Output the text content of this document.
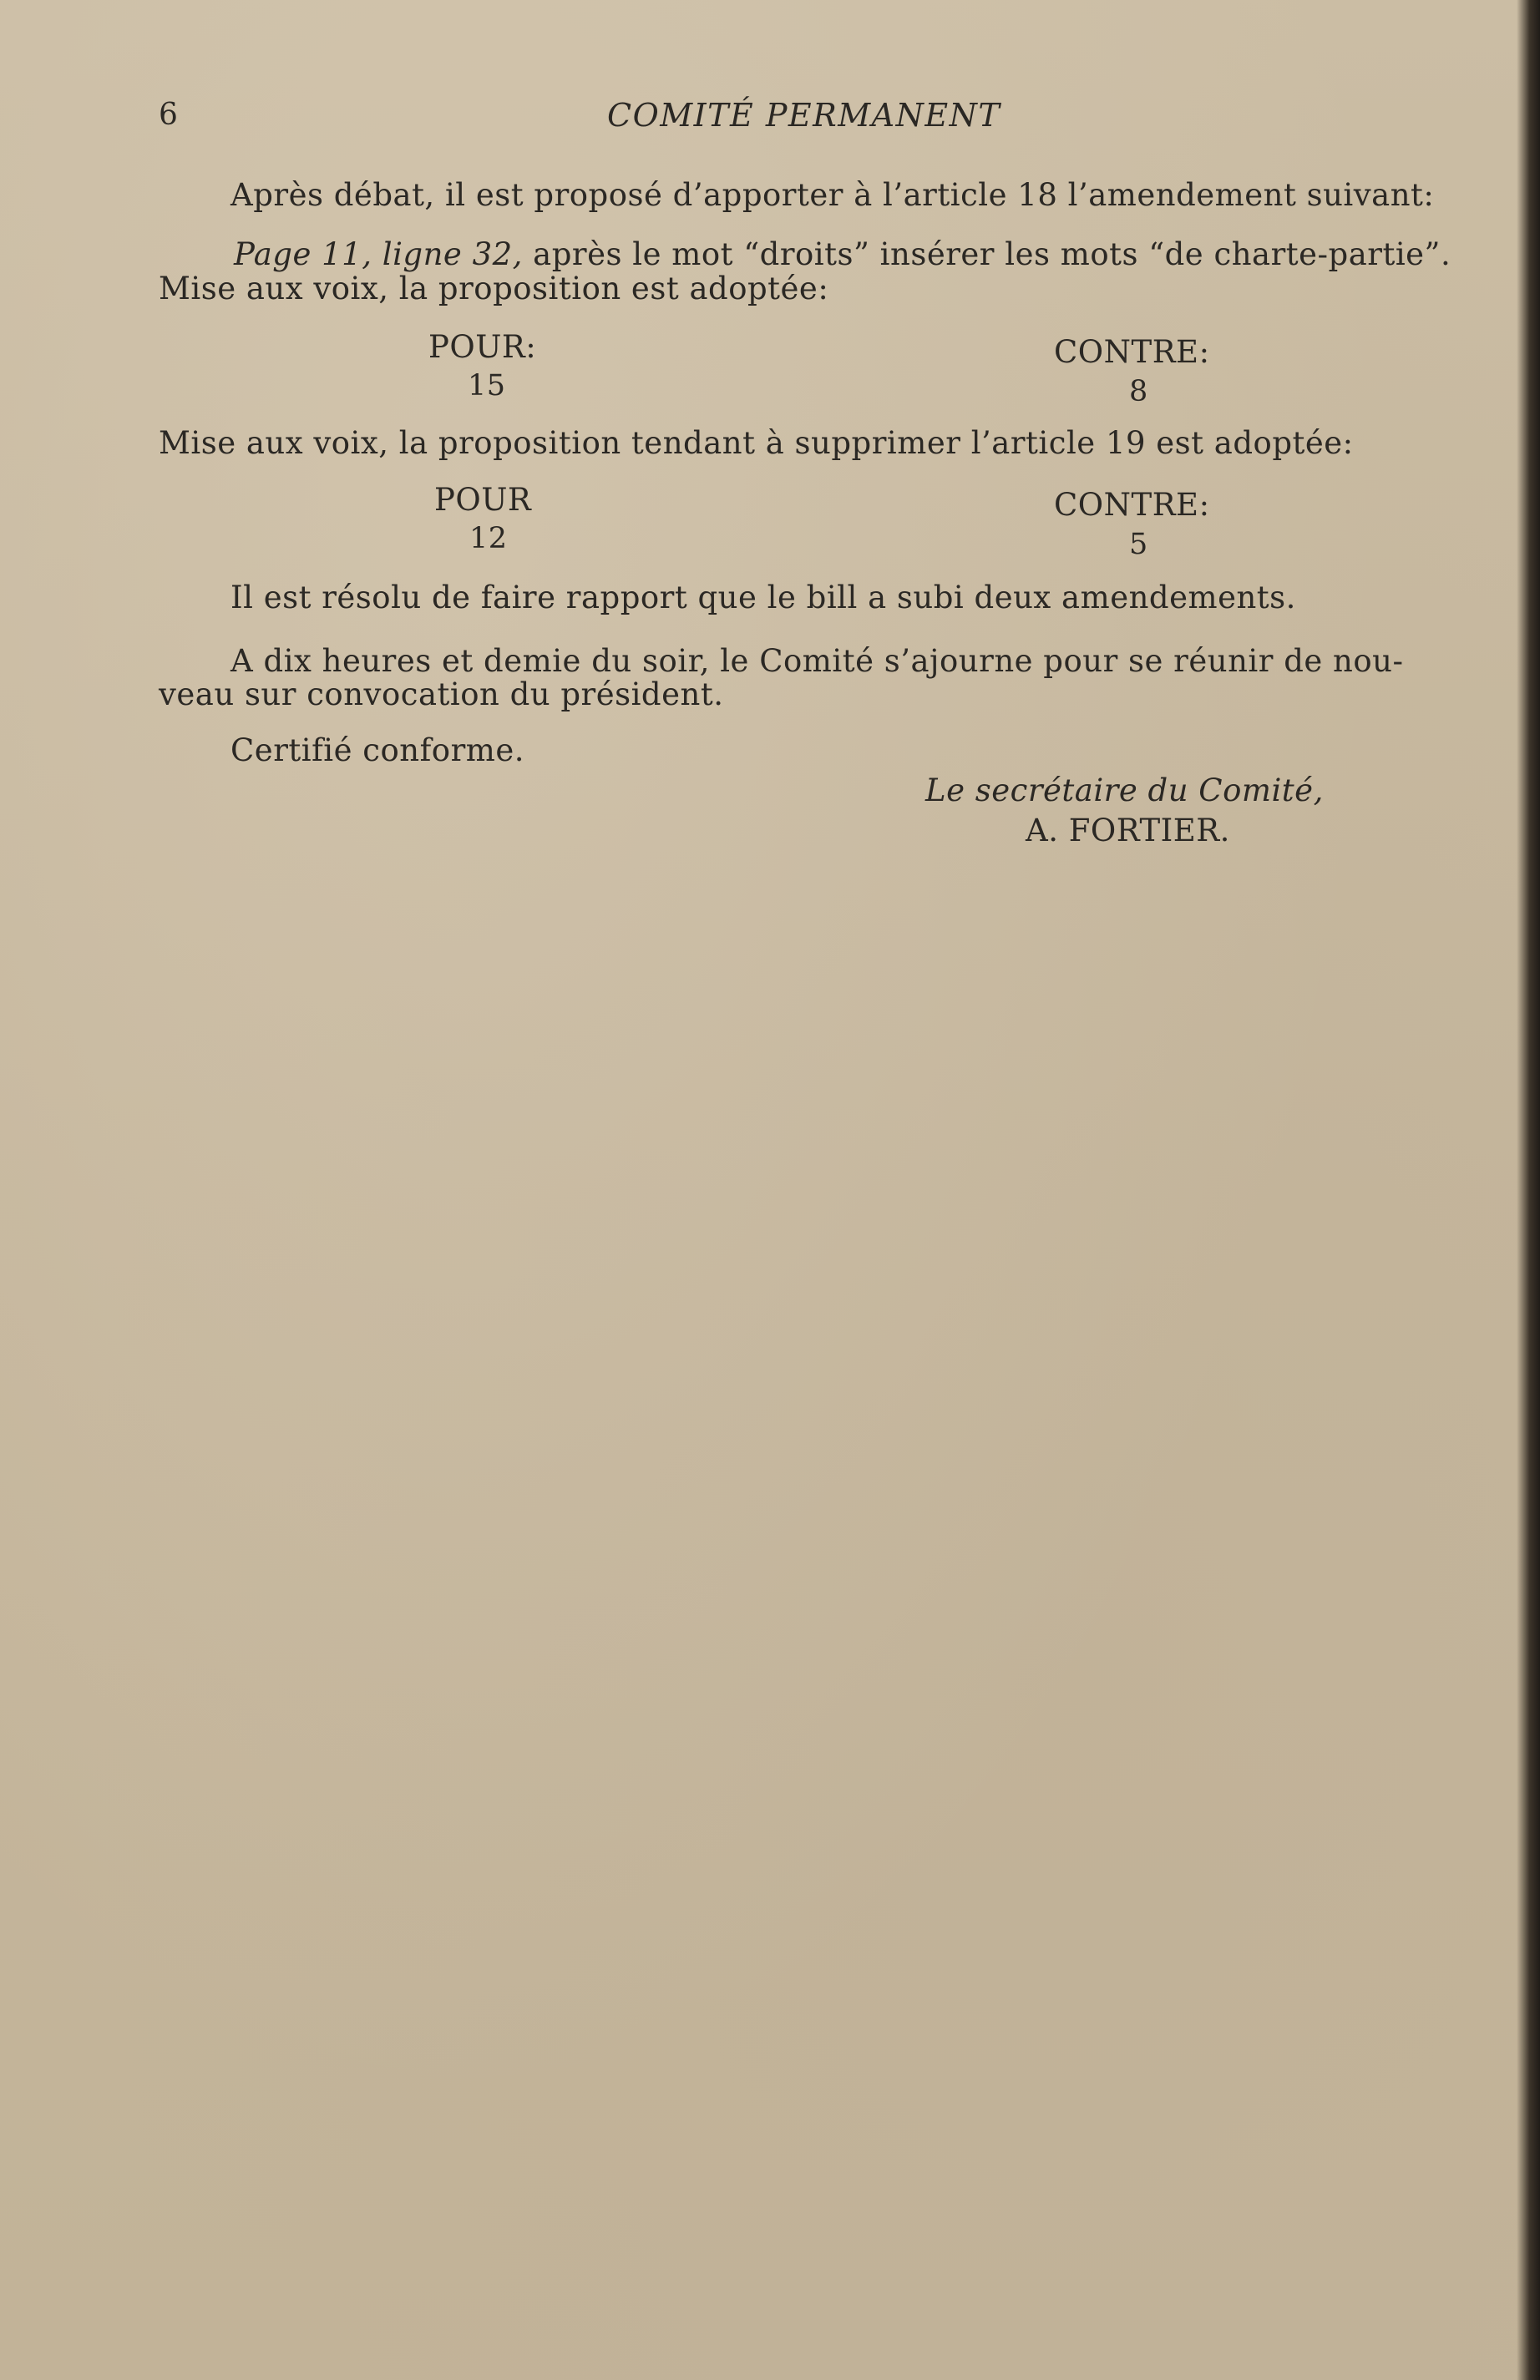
6	COMITÉ PERMANENT
Après débat, il est proposé d’apporter à l’article 18 l’amendement suivant:
Page 11, ligne 32, après le mot “droits” insérer les mots “de charte-partie”.
Mise aux voix, la proposition est adoptée:
POUR:
15
CONTRE:
8
Mise aux voix, la proposition tendant à supprimer l’article 19 est adoptée:
POUR
12
CONTRE:
5
Il est résolu de faire rapport que le bill a subi deux amendements.
A dix heures et demie du soir, le Comité s’ajourne pour se réunir de nou-
veau sur convocation du président.
Certifié conforme.
Le secrétaire du Comité,
A. FORTIER.
